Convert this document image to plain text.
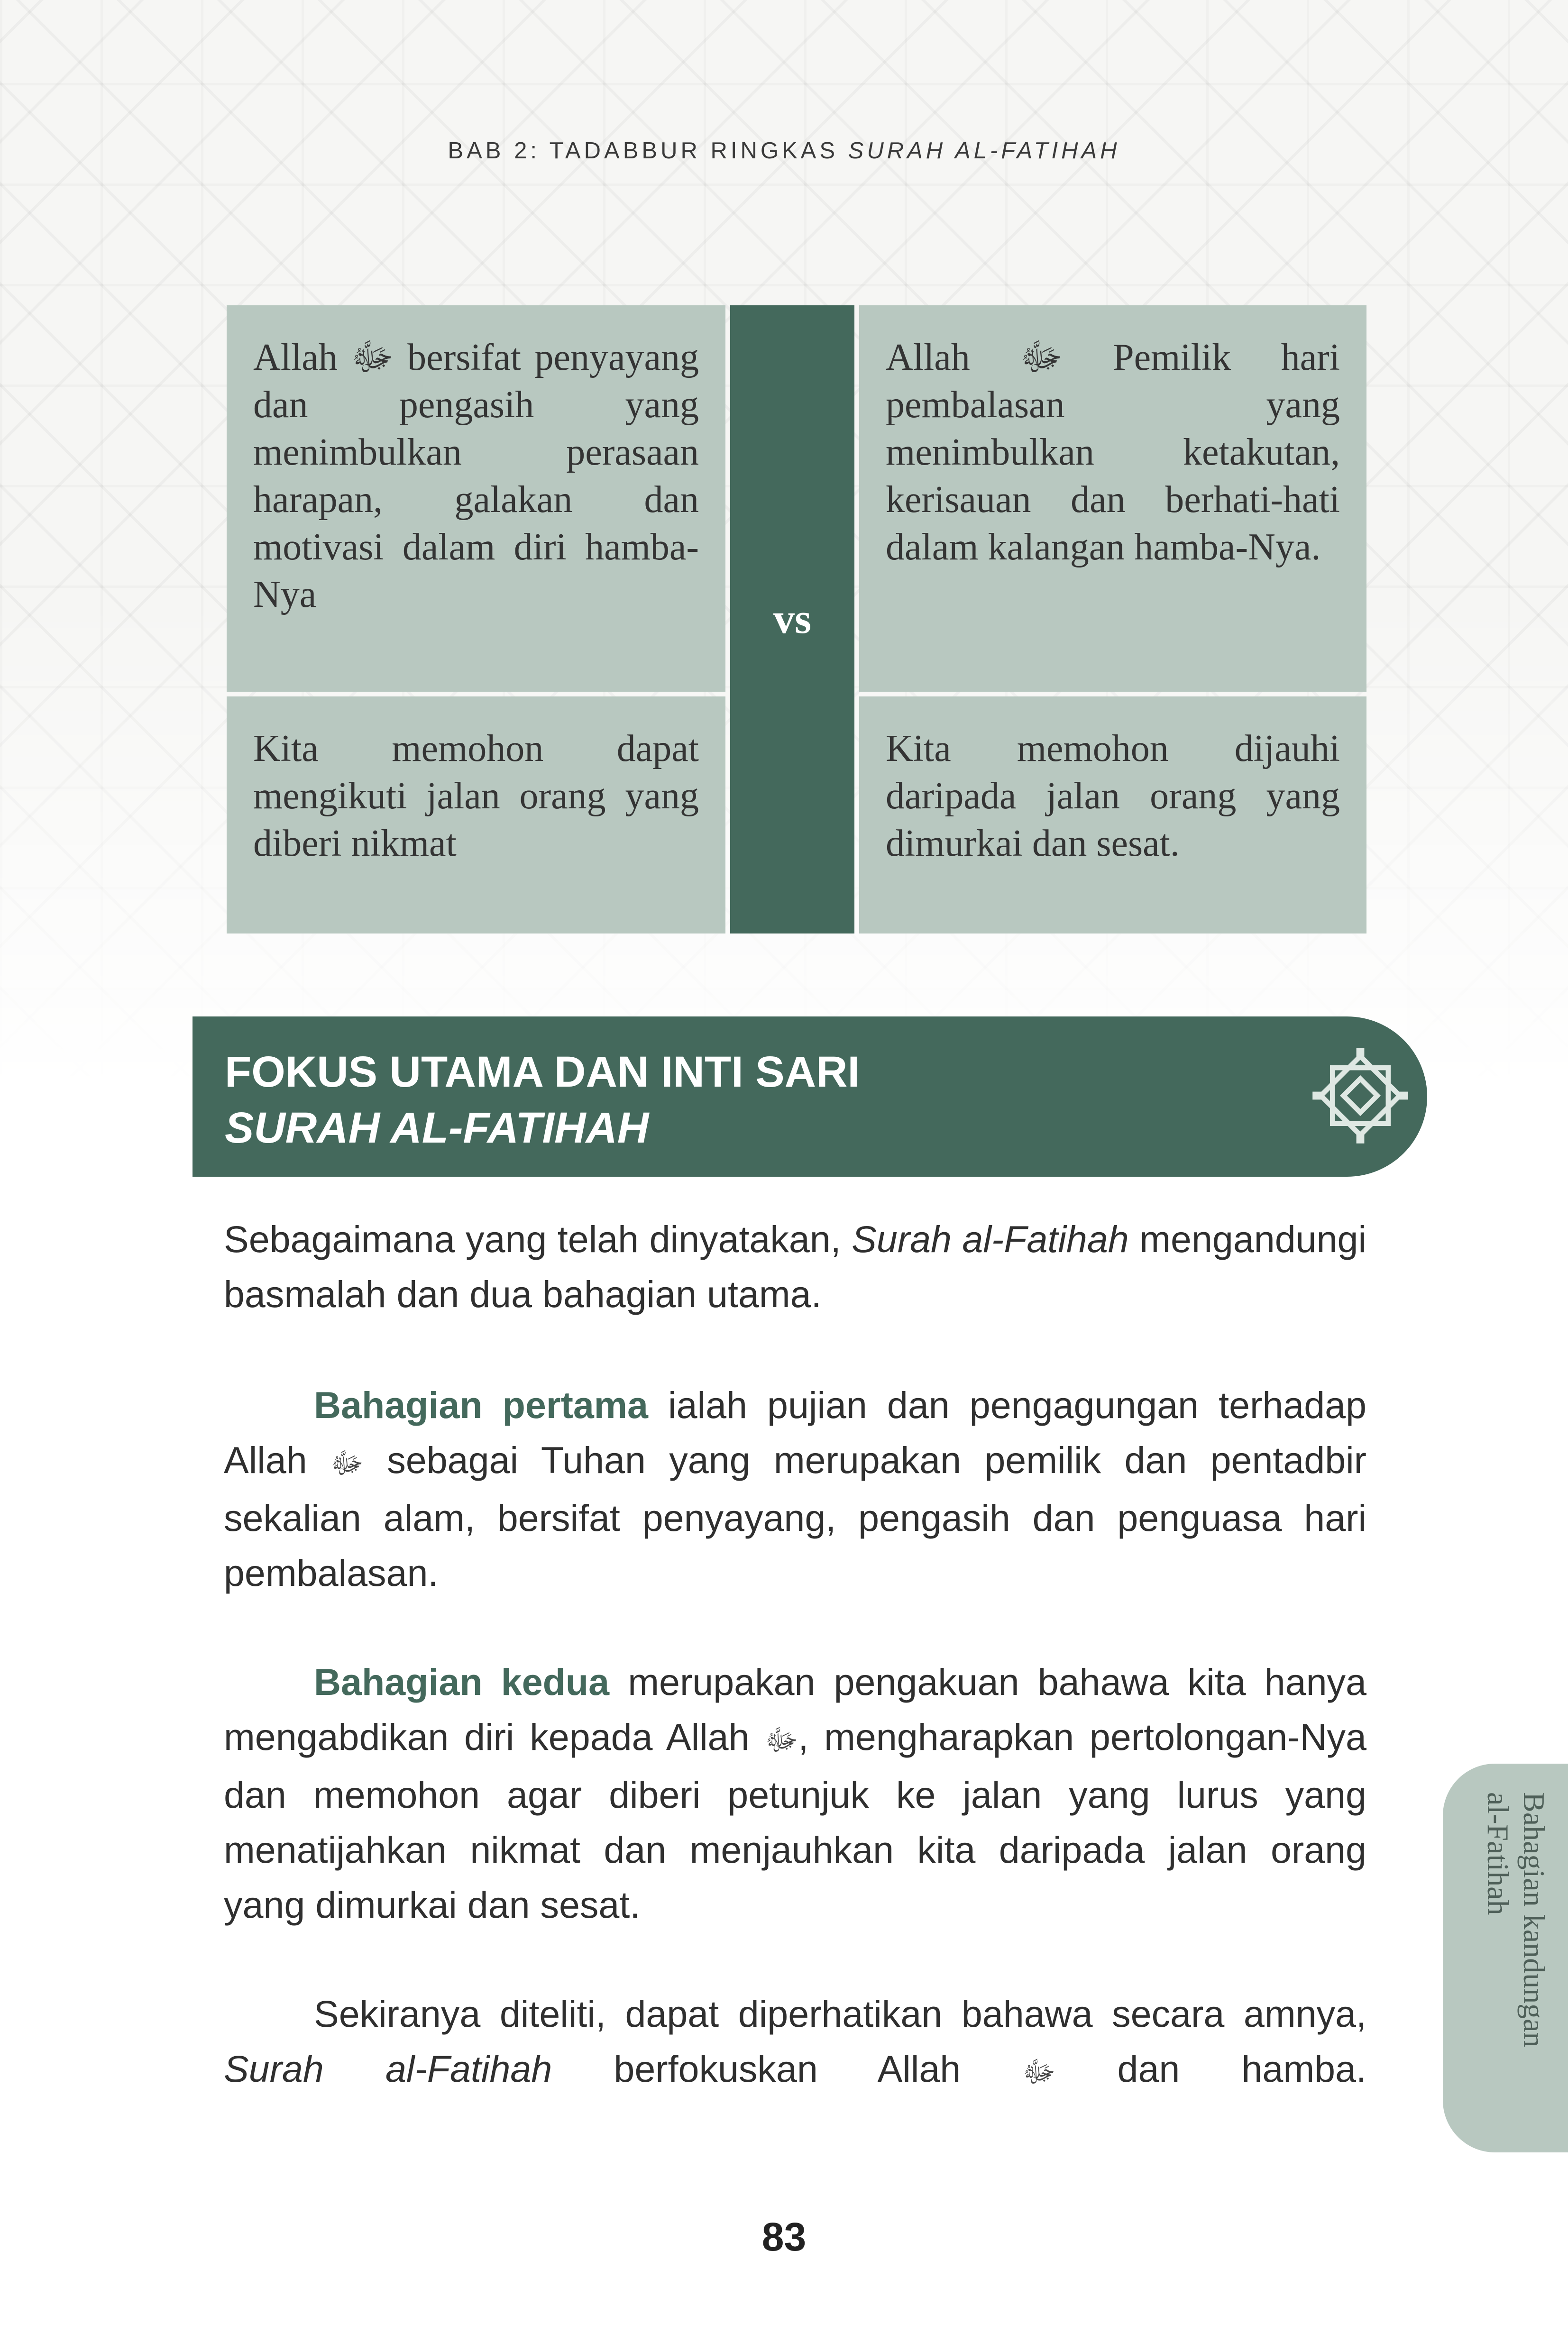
BAB 2: TADABBUR RINGKAS SURAH AL-FATIHAH
Allah ﷻ bersifat penyayang dan pengasih yang menimbulkan perasaan harapan, galakan dan motivasi dalam diri hamba-Nya
Kita memohon dapat mengikuti jalan orang yang diberi nikmat
vs
Allah ﷻ Pemilik hari pembalasan yang menimbulkan ketakutan, kerisauan dan berhati-hati dalam kalangan hamba-Nya.
Kita memohon dijauhi daripada jalan orang yang dimurkai dan sesat.
FOKUS UTAMA DAN INTI SARI
SURAH AL-FATIHAH
Sebagaimana yang telah dinyatakan, Surah al-Fatihah mengandungi basmalah dan dua bahagian utama.
Bahagian pertama ialah pujian dan pengagungan terhadap Allah ﷻ sebagai Tuhan yang merupakan pemilik dan pentadbir sekalian alam, bersifat penyayang, pengasih dan penguasa hari pembalasan.
Bahagian kedua merupakan pengakuan bahawa kita hanya mengabdikan diri kepada Allah ﷻ, mengharapkan pertolongan-Nya dan memohon agar diberi petunjuk ke jalan yang lurus yang menatijahkan nikmat dan menjauhkan kita daripada jalan orang yang dimurkai dan sesat.
Sekiranya diteliti, dapat diperhatikan bahawa secara amnya, Surah al-Fatihah berfokuskan Allah ﷻ dan hamba.
Bahagian kandungan
al-Fatihah
83
